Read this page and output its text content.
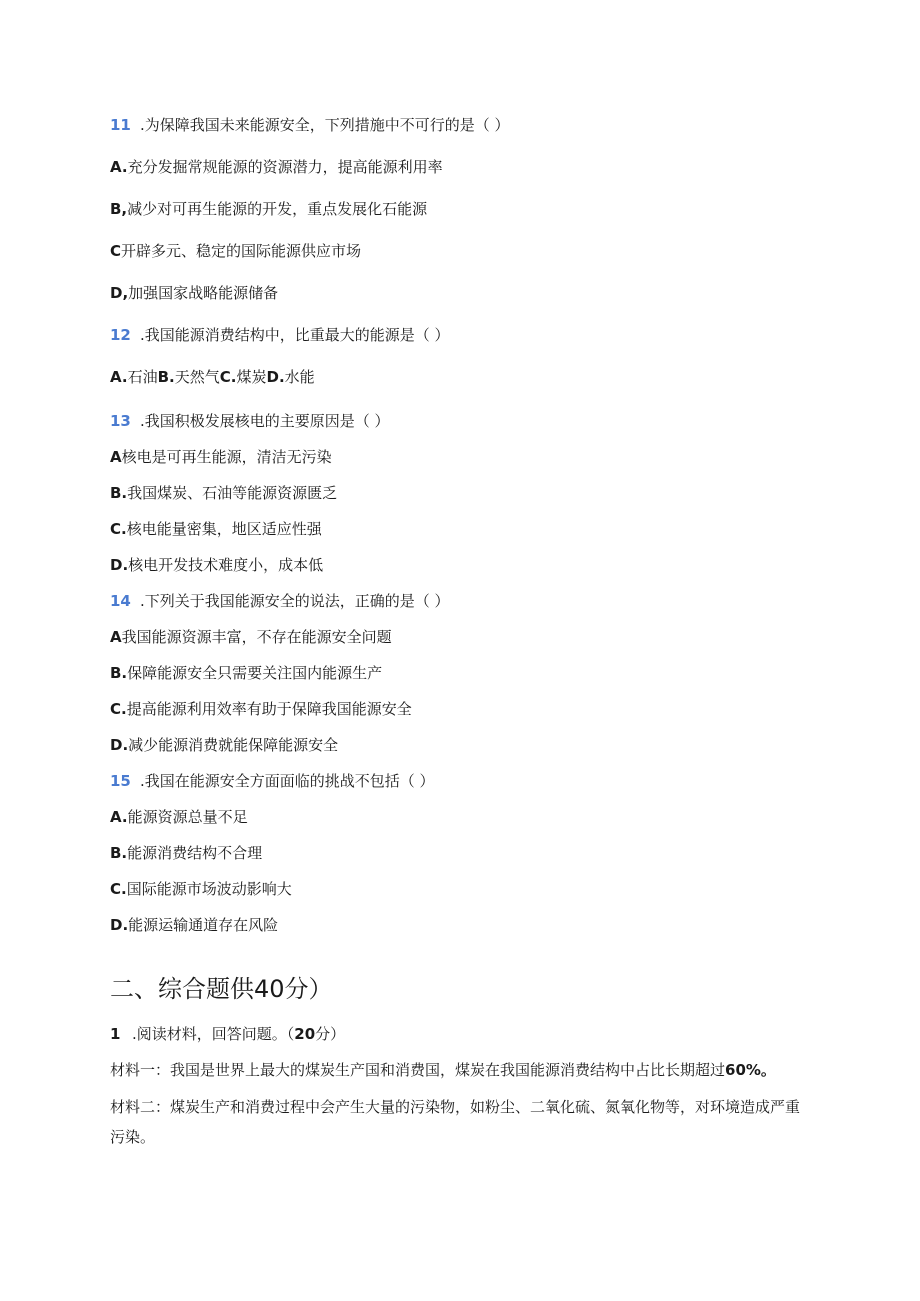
11 .为保障我国未来能源安全，下列措施中不可行的是（ ）
A.充分发掘常规能源的资源潜力，提高能源利用率
B,减少对可再生能源的开发，重点发展化石能源
C开辟多元、稳定的国际能源供应市场
D,加强国家战略能源储备
12 .我国能源消费结构中，比重最大的能源是（ ）
A.石油B.天然气C.煤炭D.水能
13 .我国积极发展核电的主要原因是（ ）
A核电是可再生能源，清洁无污染
B.我国煤炭、石油等能源资源匮乏
C.核电能量密集，地区适应性强
D.核电开发技术难度小，成本低
14 .下列关于我国能源安全的说法，正确的是（ ）
A我国能源资源丰富，不存在能源安全问题
B.保障能源安全只需要关注国内能源生产
C.提高能源利用效率有助于保障我国能源安全
D.减少能源消费就能保障能源安全
15 .我国在能源安全方面面临的挑战不包括（ ）
A.能源资源总量不足
B.能源消费结构不合理
C.国际能源市场波动影响大
D.能源运输通道存在风险
二、综合题供40分）
1 .阅读材料，回答问题。（20分）
材料一：我国是世界上最大的煤炭生产国和消费国，煤炭在我国能源消费结构中占比长期超过60%。
材料二：煤炭生产和消费过程中会产生大量的污染物，如粉尘、二氧化硫、氮氧化物等，对环境造成严重污染。
